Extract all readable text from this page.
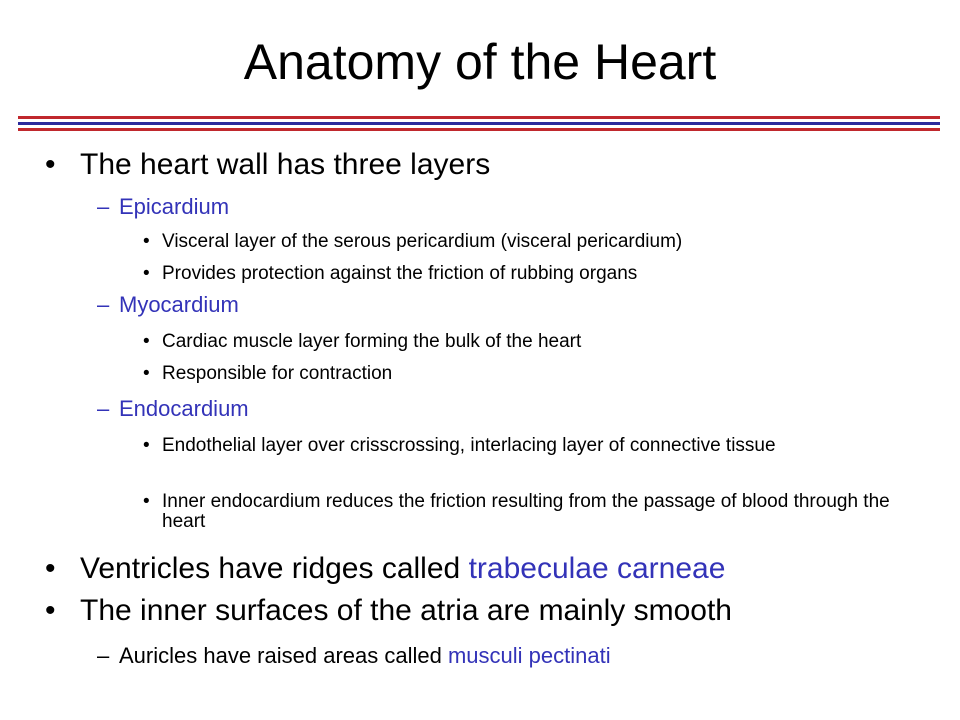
Anatomy of the Heart
• The heart wall has three layers
– Epicardium
• Visceral layer of the serous pericardium (visceral pericardium)
• Provides protection against the friction of rubbing organs
– Myocardium
• Cardiac muscle layer forming the bulk of the heart
• Responsible for contraction
– Endocardium
• Endothelial layer over crisscrossing, interlacing layer of connective tissue
• Inner endocardium reduces the friction resulting from the passage of blood through the heart
• Ventricles have ridges called trabeculae carneae
• The inner surfaces of the atria are mainly smooth
– Auricles have raised areas called musculi pectinati
